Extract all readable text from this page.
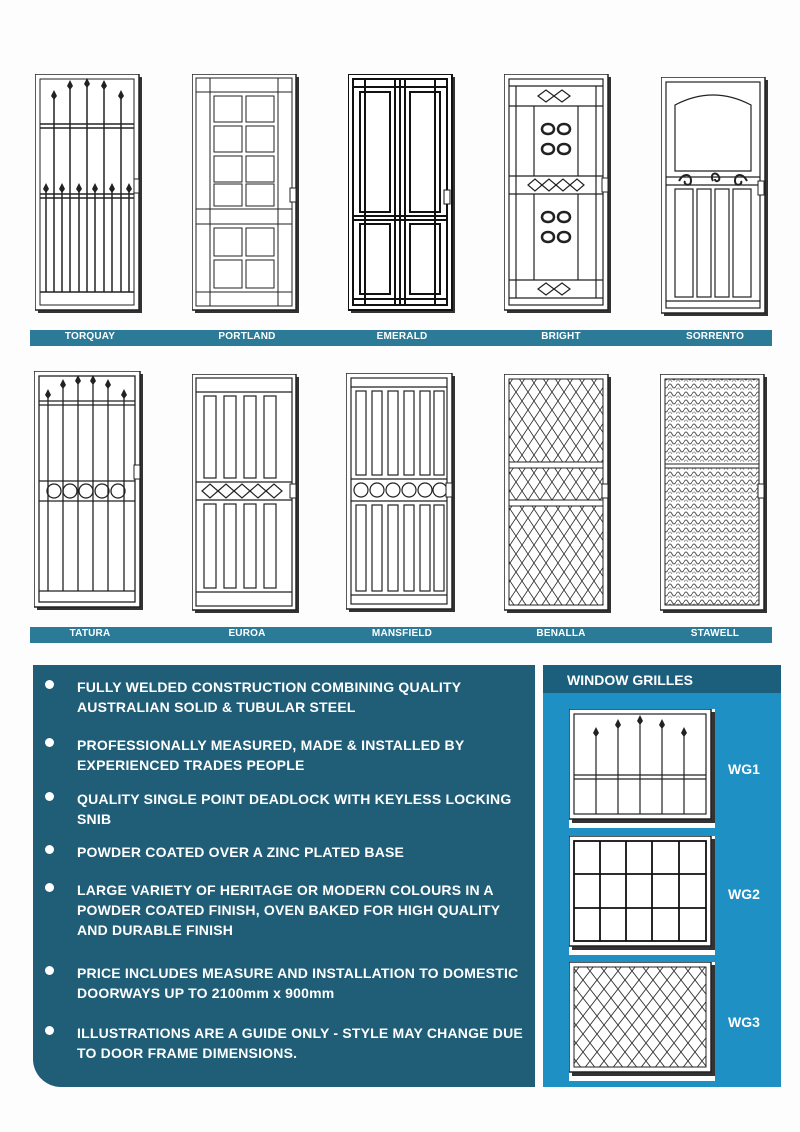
TORQUAY	PORTLAND	EMERALD	BRIGHT	SORRENTO
TATURA	EUROA	MANSFIELD	BENALLA	STAWELL
FULLY WELDED CONSTRUCTION COMBINING QUALITY AUSTRALIAN SOLID & TUBULAR STEEL
PROFESSIONALLY MEASURED, MADE & INSTALLED BY EXPERIENCED TRADES PEOPLE
QUALITY SINGLE POINT DEADLOCK WITH KEYLESS LOCKING SNIB
POWDER COATED OVER A ZINC PLATED BASE
LARGE VARIETY OF HERITAGE OR MODERN COLOURS IN A POWDER COATED FINISH, OVEN BAKED FOR HIGH QUALITY AND DURABLE FINISH
PRICE INCLUDES MEASURE AND INSTALLATION TO DOMESTIC DOORWAYS UP TO 2100mm x 900mm
ILLUSTRATIONS ARE A GUIDE ONLY - STYLE MAY CHANGE DUE TO DOOR FRAME DIMENSIONS.
WINDOW GRILLES
WG1
WG2
WG3
